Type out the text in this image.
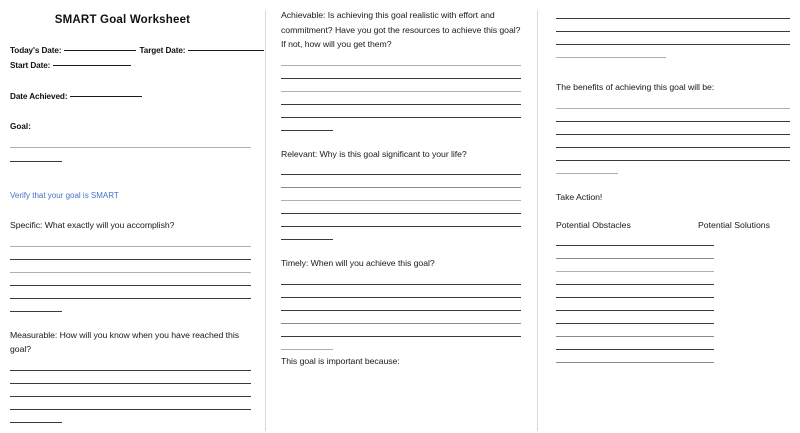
SMART Goal Worksheet
Today's Date:	Target Date:
Start Date:
Date Achieved:
Goal:
Verify that your goal is SMART
Specific: What exactly will you accomplish?
Measurable: How will you know when you have reached this goal?
Achievable: Is achieving this goal realistic with effort and commitment? Have you got the resources to achieve this goal? If not, how will you get them?
Relevant: Why is this goal significant to your life?
Timely: When will you achieve this goal?
This goal is important because:
The benefits of achieving this goal will be:
Take Action!
Potential Obstacles	Potential Solutions
